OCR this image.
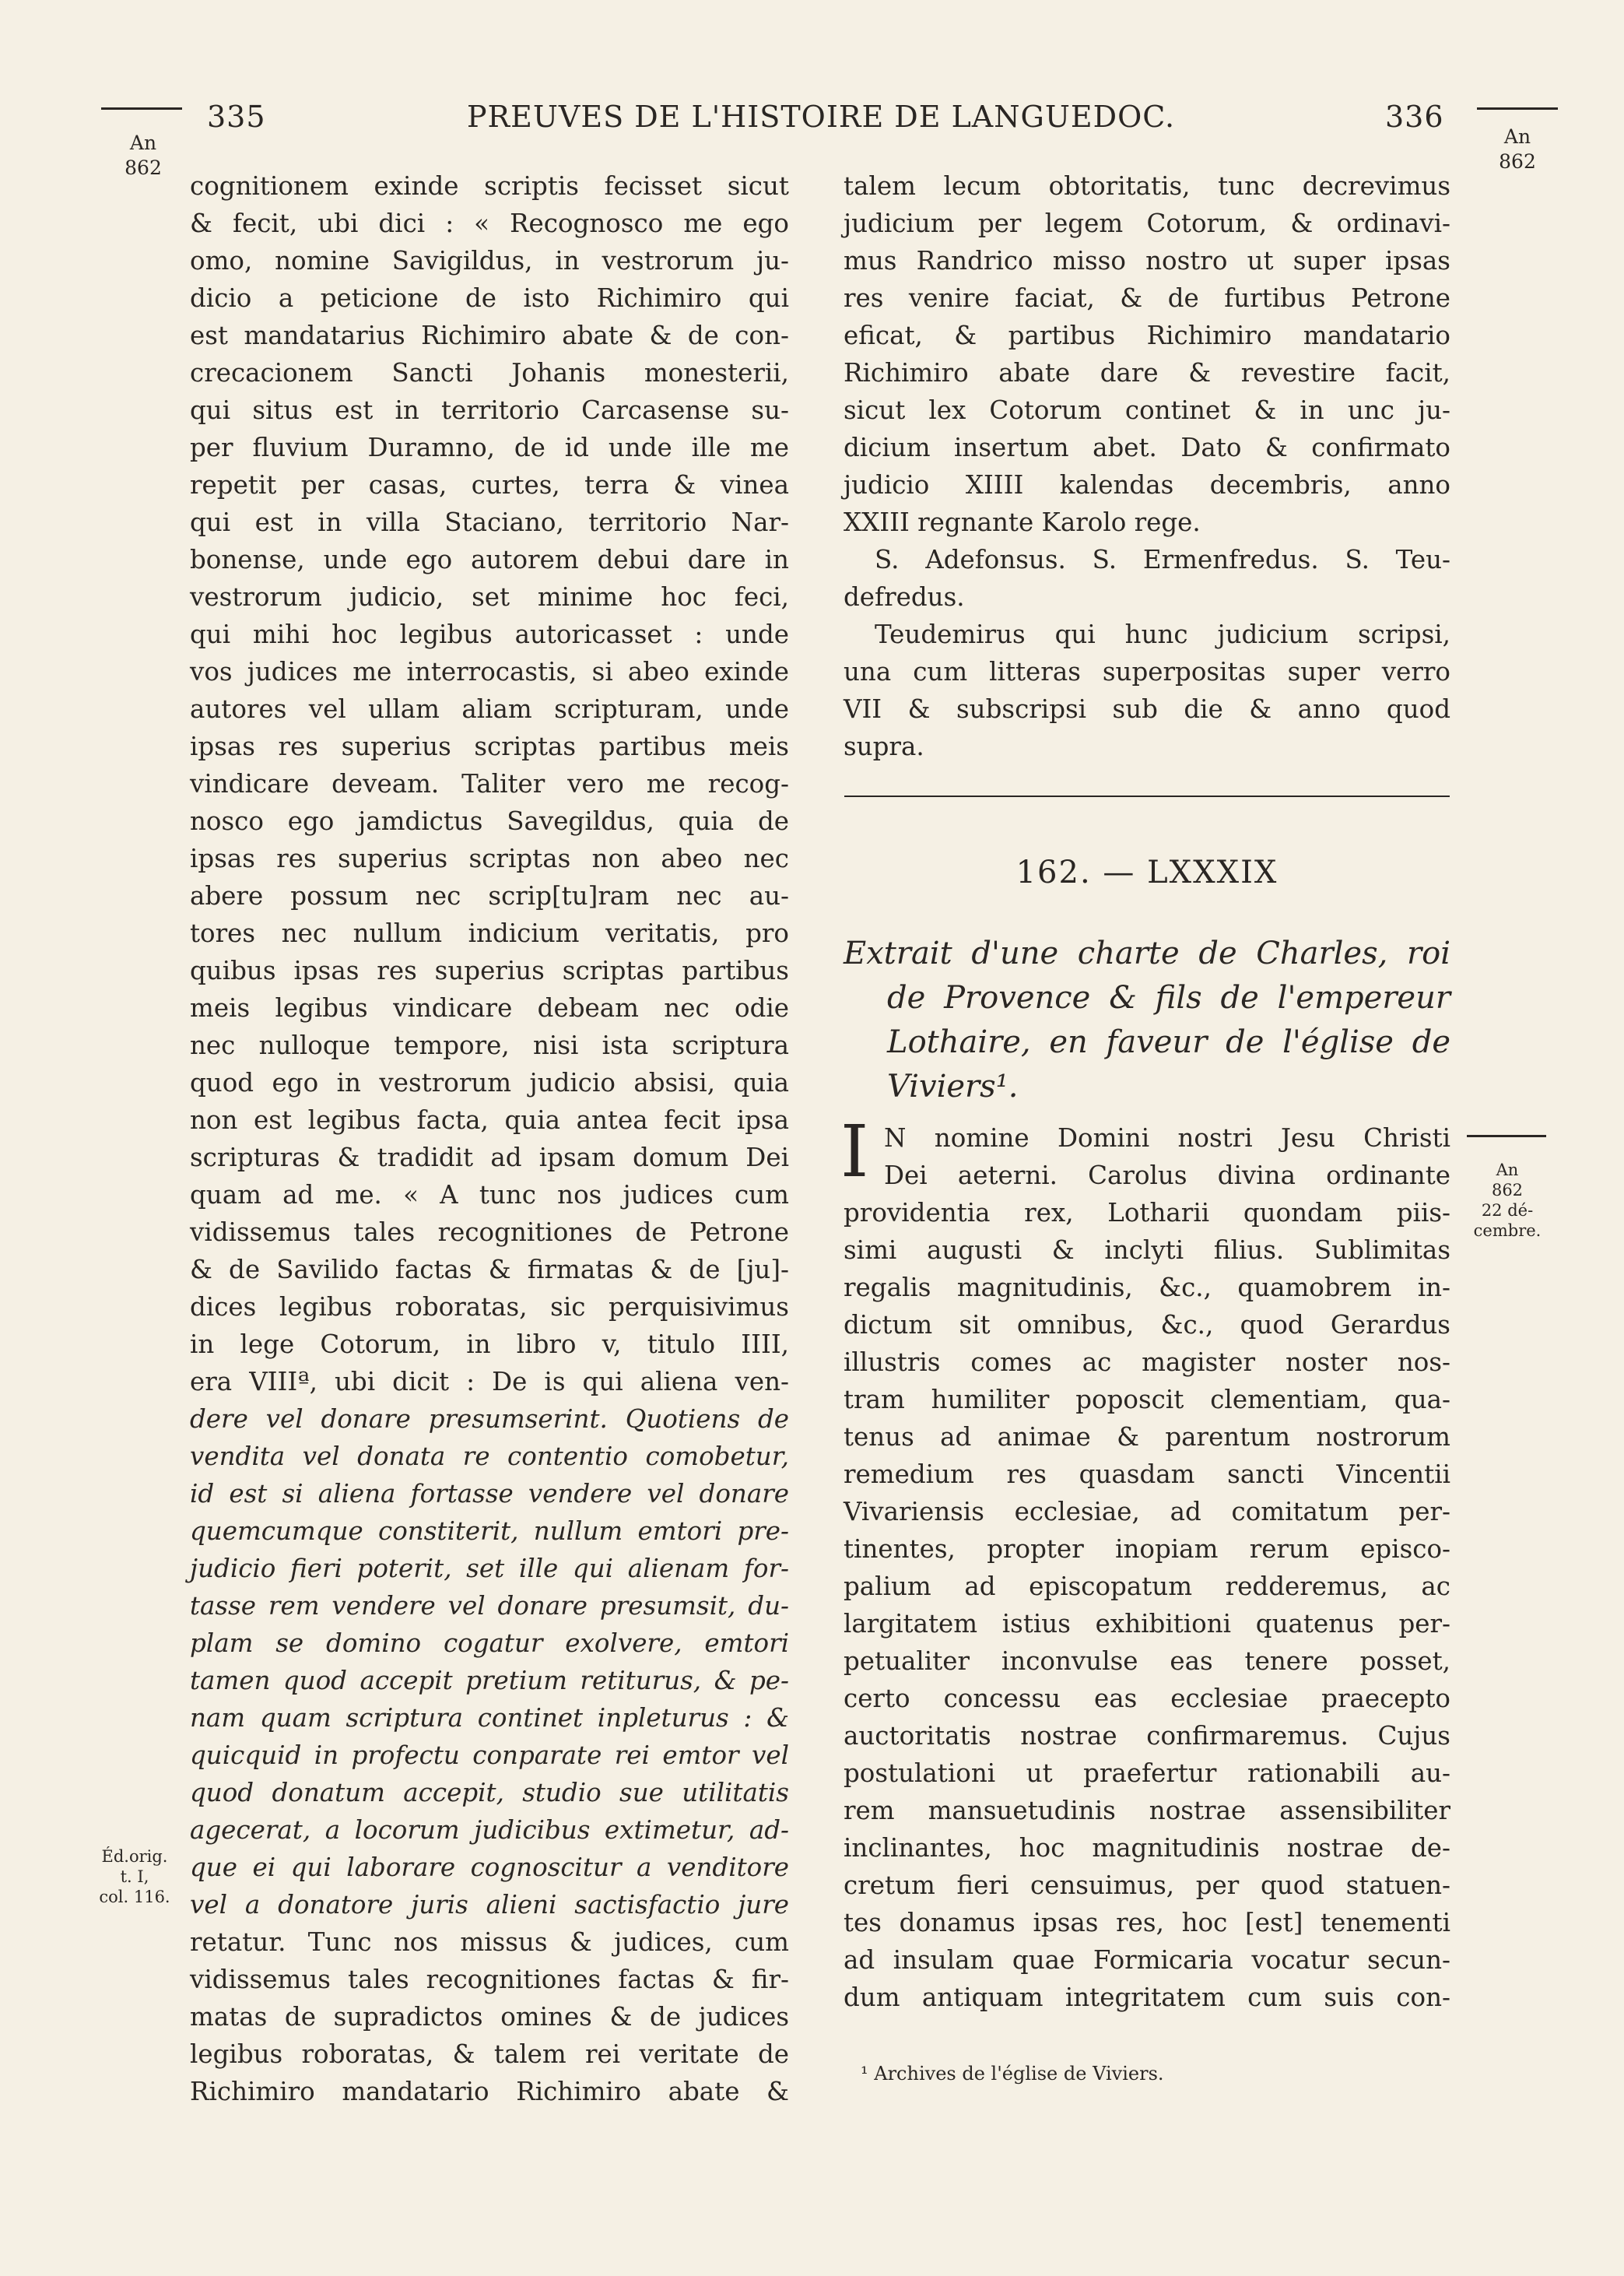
335	PREUVES DE L'HISTOIRE DE LANGUEDOC.	336
An
862
An
862
Éd.orig.
t. I,
col. 116.
An
862
22 dé-
cembre.

cognitionem exinde scriptis fecisset sicut

& fecit, ubi dici : « Recognosco me ego

omo, nomine Savigildus, in vestrorum ju-

dicio a peticione de isto Richimiro qui

est mandatarius Richimiro abate & de con-

crecacionem Sancti Johanis monesterii,

qui situs est in territorio Carcasense su-

per fluvium Duramno, de id unde ille me

repetit per casas, curtes, terra & vinea

qui est in villa Staciano, territorio Nar-

bonense, unde ego autorem debui dare in

vestrorum judicio, set minime hoc feci,

qui mihi hoc legibus autoricasset : unde

vos judices me interrocastis, si abeo exinde

autores vel ullam aliam scripturam, unde

ipsas res superius scriptas partibus meis

vindicare deveam. Taliter vero me recog-

nosco ego jamdictus Savegildus, quia de

ipsas res superius scriptas non abeo nec

abere possum nec scrip[tu]ram nec au-

tores nec nullum indicium veritatis, pro

quibus ipsas res superius scriptas partibus

meis legibus vindicare debeam nec odie

nec nulloque tempore, nisi ista scriptura

quod ego in vestrorum judicio absisi, quia

non est legibus facta, quia antea fecit ipsa

scripturas & tradidit ad ipsam domum Dei

quam ad me. « A tunc nos judices cum

vidissemus tales recognitiones de Petrone

& de Savilido factas & firmatas & de [ju]-

dices legibus roboratas, sic perquisivimus

in lege Cotorum, in libro v, titulo IIII,

era VIIIª, ubi dicit : De is qui aliena ven-

dere vel donare presumserint. Quotiens de

vendita vel donata re contentio comobetur,

id est si aliena fortasse vendere vel donare

quemcumque constiterit, nullum emtori pre-

judicio fieri poterit, set ille qui alienam for-

tasse rem vendere vel donare presumsit, du-

plam se domino cogatur exolvere, emtori

tamen quod accepit pretium retiturus, & pe-

nam quam scriptura continet inpleturus : &

quicquid in profectu conparate rei emtor vel

quod donatum accepit, studio sue utilitatis

agecerat, a locorum judicibus extimetur, ad-

que ei qui laborare cognoscitur a venditore

vel a donatore juris alieni sactisfactio jure

retatur. Tunc nos missus & judices, cum

vidissemus tales recognitiones factas & fir-

matas de supradictos omines & de judices

legibus roboratas, & talem rei veritate de

Richimiro mandatario Richimiro abate &

talem lecum obtoritatis, tunc decrevimus

judicium per legem Cotorum, & ordinavi-

mus Randrico misso nostro ut super ipsas

res venire faciat, & de furtibus Petrone

eficat, & partibus Richimiro mandatario

Richimiro abate dare & revestire facit,

sicut lex Cotorum continet & in unc ju-

dicium insertum abet. Dato & confirmato

judicio XIIII kalendas decembris, anno

XXIII regnante Karolo rege.

S. Adefonsus. S. Ermenfredus. S. Teu-

defredus.

Teudemirus qui hunc judicium scripsi,

una cum litteras superpositas super verro

VII & subscripsi sub die & anno quod

supra.

162. — LXXXIX

Extrait d'une charte de Charles, roi

de Provence & fils de l'empereur

Lothaire, en faveur de l'église de

Viviers¹.

I N nomine Domini nostri Jesu Christi

Dei aeterni. Carolus divina ordinante

providentia rex, Lotharii quondam piis-

simi augusti & inclyti filius. Sublimitas

regalis magnitudinis, &c., quamobrem in-

dictum sit omnibus, &c., quod Gerardus

illustris comes ac magister noster nos-

tram humiliter poposcit clementiam, qua-

tenus ad animae & parentum nostrorum

remedium res quasdam sancti Vincentii

Vivariensis ecclesiae, ad comitatum per-

tinentes, propter inopiam rerum episco-

palium ad episcopatum redderemus, ac

largitatem istius exhibitioni quatenus per-

petualiter inconvulse eas tenere posset,

certo concessu eas ecclesiae praecepto

auctoritatis nostrae confirmaremus. Cujus

postulationi ut praefertur rationabili au-

rem mansuetudinis nostrae assensibiliter

inclinantes, hoc magnitudinis nostrae de-

cretum fieri censuimus, per quod statuen-

tes donamus ipsas res, hoc [est] tenementi

ad insulam quae Formicaria vocatur secun-

dum antiquam integritatem cum suis con-

¹ Archives de l'église de Viviers.
